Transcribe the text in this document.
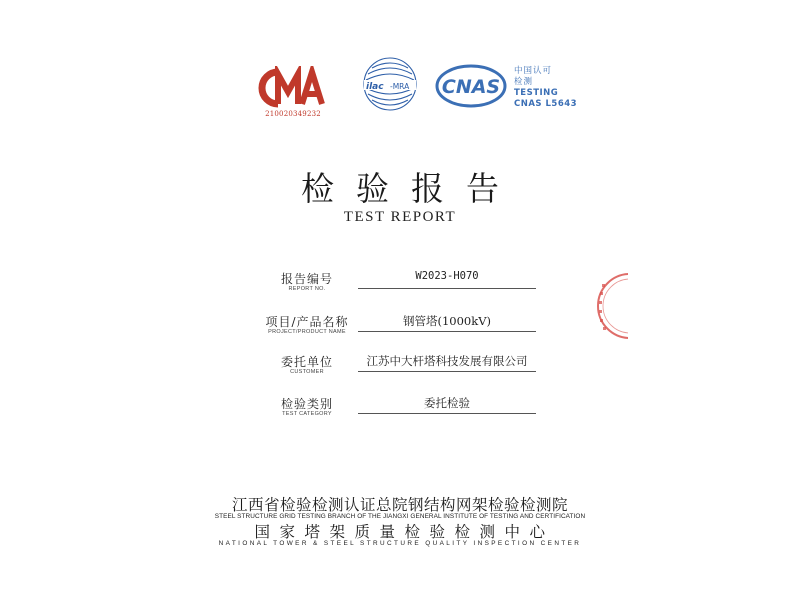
210020349232
ilac -MRA CNAS
中国认可
检测
TESTING
CNAS L5643
检验报告
TEST REPORT
报告编号
REPORT NO.
W2023-H070
项目/产品名称
PROJECT/PRODUCT NAME
钢管塔(1000kV)
委托单位
CUSTOMER
江苏中大杆塔科技发展有限公司
检验类别
TEST CATEGORY
委托检验
江西省检验检测认证总院钢结构网架检验检测院
STEEL STRUCTURE GRID TESTING BRANCH OF THE JIANGXI GENERAL INSTITUTE OF TESTING AND CERTIFICATION
国家塔架质量检验检测中心
NATIONAL TOWER & STEEL STRUCTURE QUALITY INSPECTION CENTER
